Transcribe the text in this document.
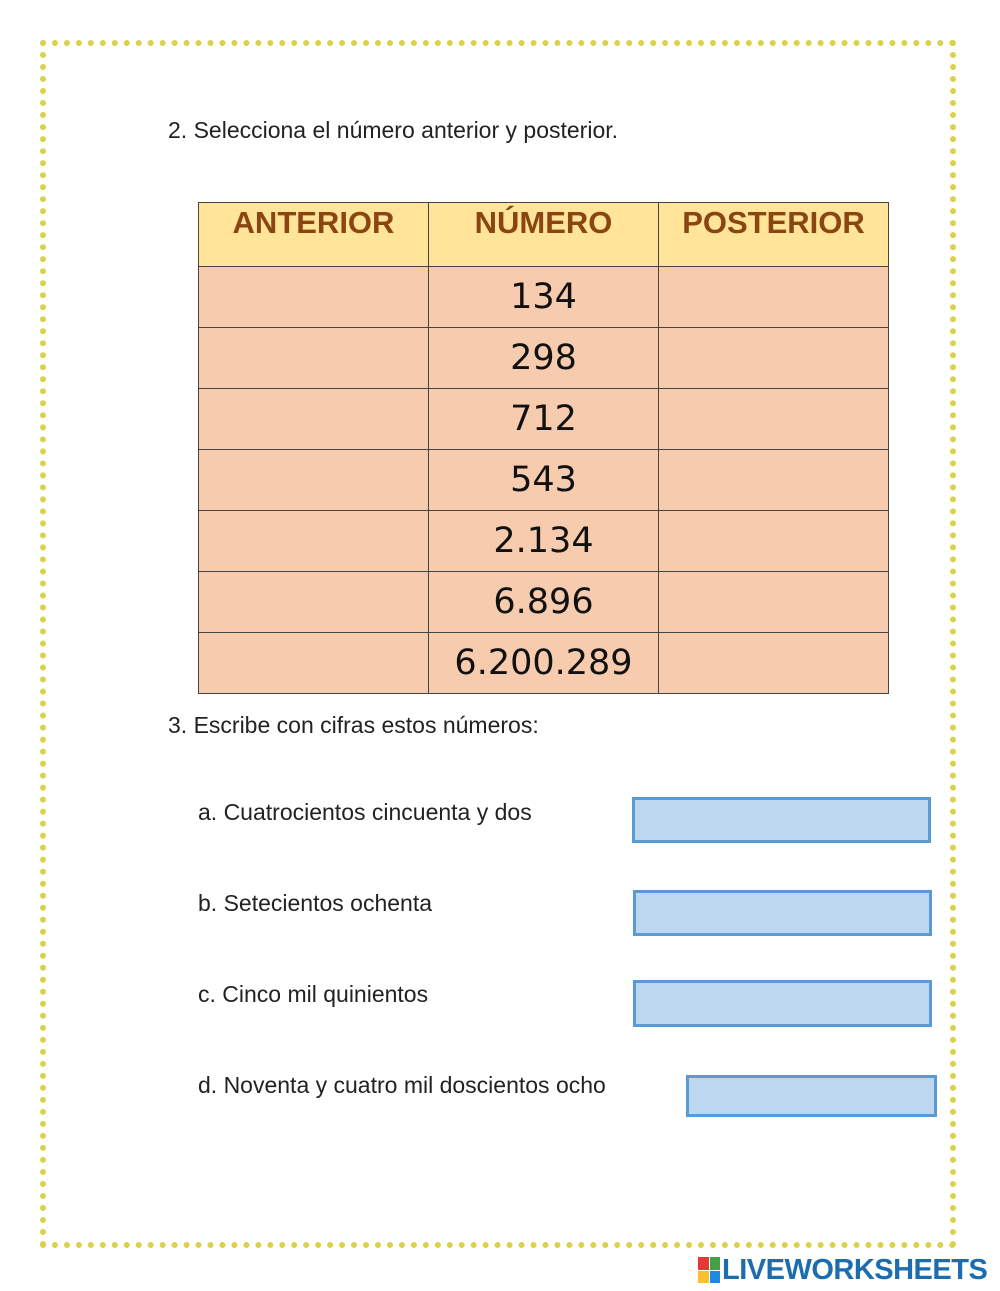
2. Selecciona el número anterior y posterior.
ANTERIOR	NÚMERO	POSTERIOR
	134	
	298	
	712	
	543	
	2.134	
	6.896	
	6.200.289	
3. Escribe con cifras estos números:
a. Cuatrocientos cincuenta y dos
b. Setecientos ochenta
c. Cinco mil quinientos
d. Noventa y cuatro mil doscientos ocho
LIVEWORKSHEETS
